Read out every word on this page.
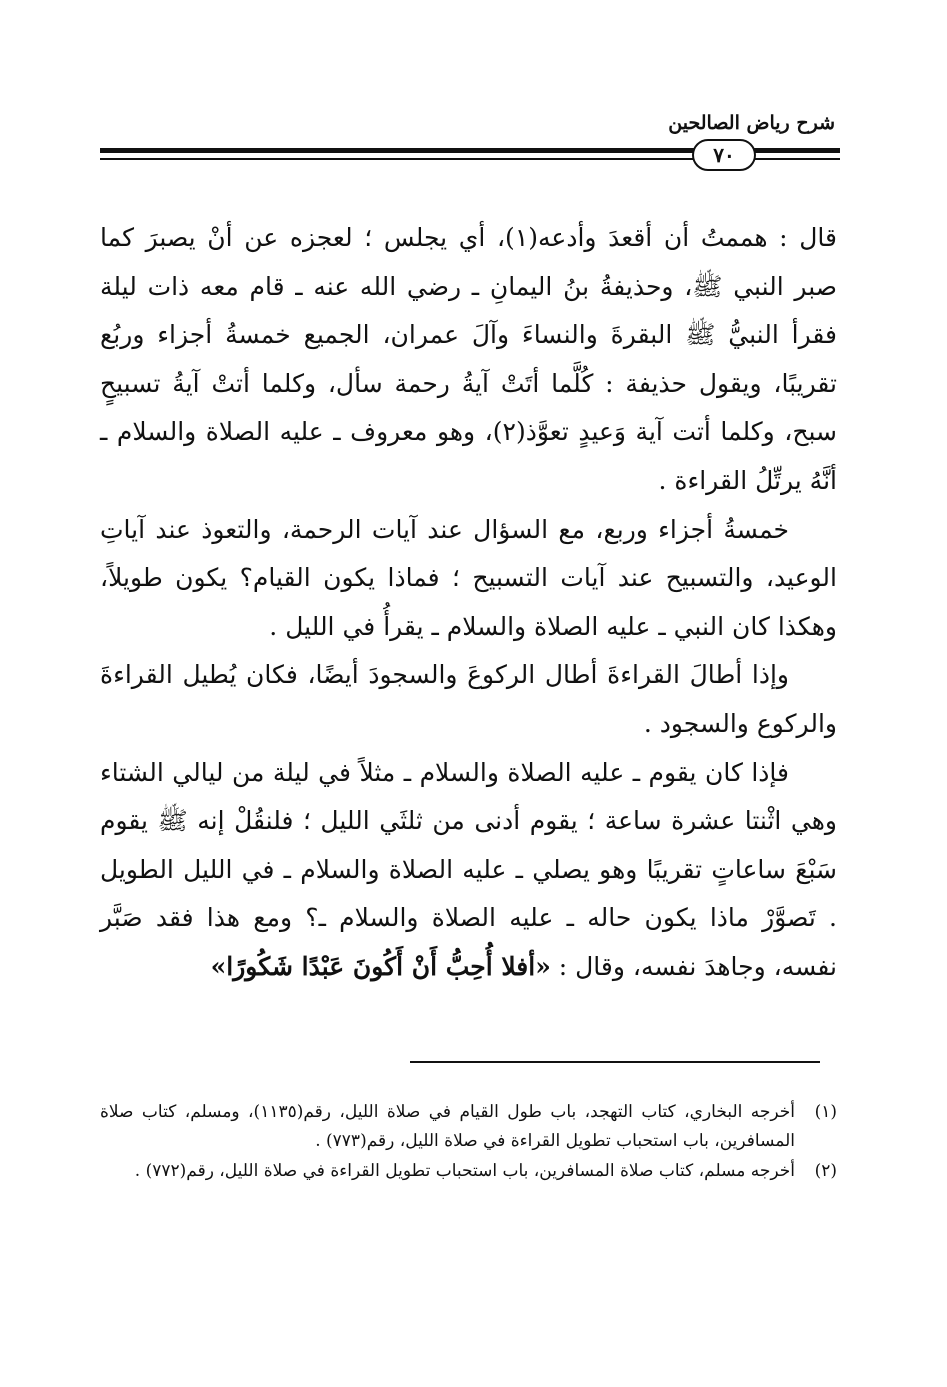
شرح رياض الصالحين
٧٠

قال : هممتُ أن أقعدَ وأدعه(١)، أي يجلس ؛ لعجزه عن أنْ يصبرَ كما صبر النبي ﷺ، وحذيفةُ بنُ اليمانِ ـ رضي الله عنه ـ قام معه ذات ليلة فقرأ النبيُّ ﷺ البقرةَ والنساءَ وآلَ عمران، الجميع خمسةُ أجزاء وربُع تقريبًا، ويقول حذيفة : كُلَّما أتَتْ آيةُ رحمة سأل، وكلما أتتْ آيةُ تسبيحٍ سبح، وكلما أتت آية وَعيدٍ تعوَّذ(٢)، وهو معروف ـ عليه الصلاة والسلام ـ أنَّهُ يرتِّلُ القراءة .

خمسةُ أجزاء وربع، مع السؤال عند آيات الرحمة، والتعوذ عند آياتِ الوعيد، والتسبيح عند آيات التسبيح ؛ فماذا يكون القيام؟ يكون طويلاً، وهكذا كان النبي ـ عليه الصلاة والسلام ـ يقرأُ في الليل .

وإذا أطالَ القراءةَ أطال الركوعَ والسجودَ أيضًا، فكان يُطيل القراءةَ والركوع والسجود .

فإذا كان يقوم ـ عليه الصلاة والسلام ـ مثلاً في ليلة من ليالي الشتاء وهي اثْنتا عشرة ساعة ؛ يقوم أدنى من ثلثَي الليل ؛ فلنقُلْ إنه ﷺ يقوم سَبْعَ ساعاتٍ تقريبًا وهو يصلي ـ عليه الصلاة والسلام ـ في الليل الطويل . تَصوَّرْ ماذا يكون حاله ـ عليه الصلاة والسلام ـ؟ ومع هذا فقد صَبَّر نفسه، وجاهدَ نفسه، وقال : «أفلا أُحِبُّ أَنْ أَكُونَ عَبْدًا شَكُورًا»

(١)
أخرجه البخاري، كتاب التهجد، باب طول القيام في صلاة الليل، رقم(١١٣٥)، ومسلم، كتاب صلاة المسافرين، باب استحباب تطويل القراءة في صلاة الليل، رقم(٧٧٣) .
(٢)
أخرجه مسلم، كتاب صلاة المسافرين، باب استحباب تطويل القراءة في صلاة الليل، رقم(٧٧٢) .
